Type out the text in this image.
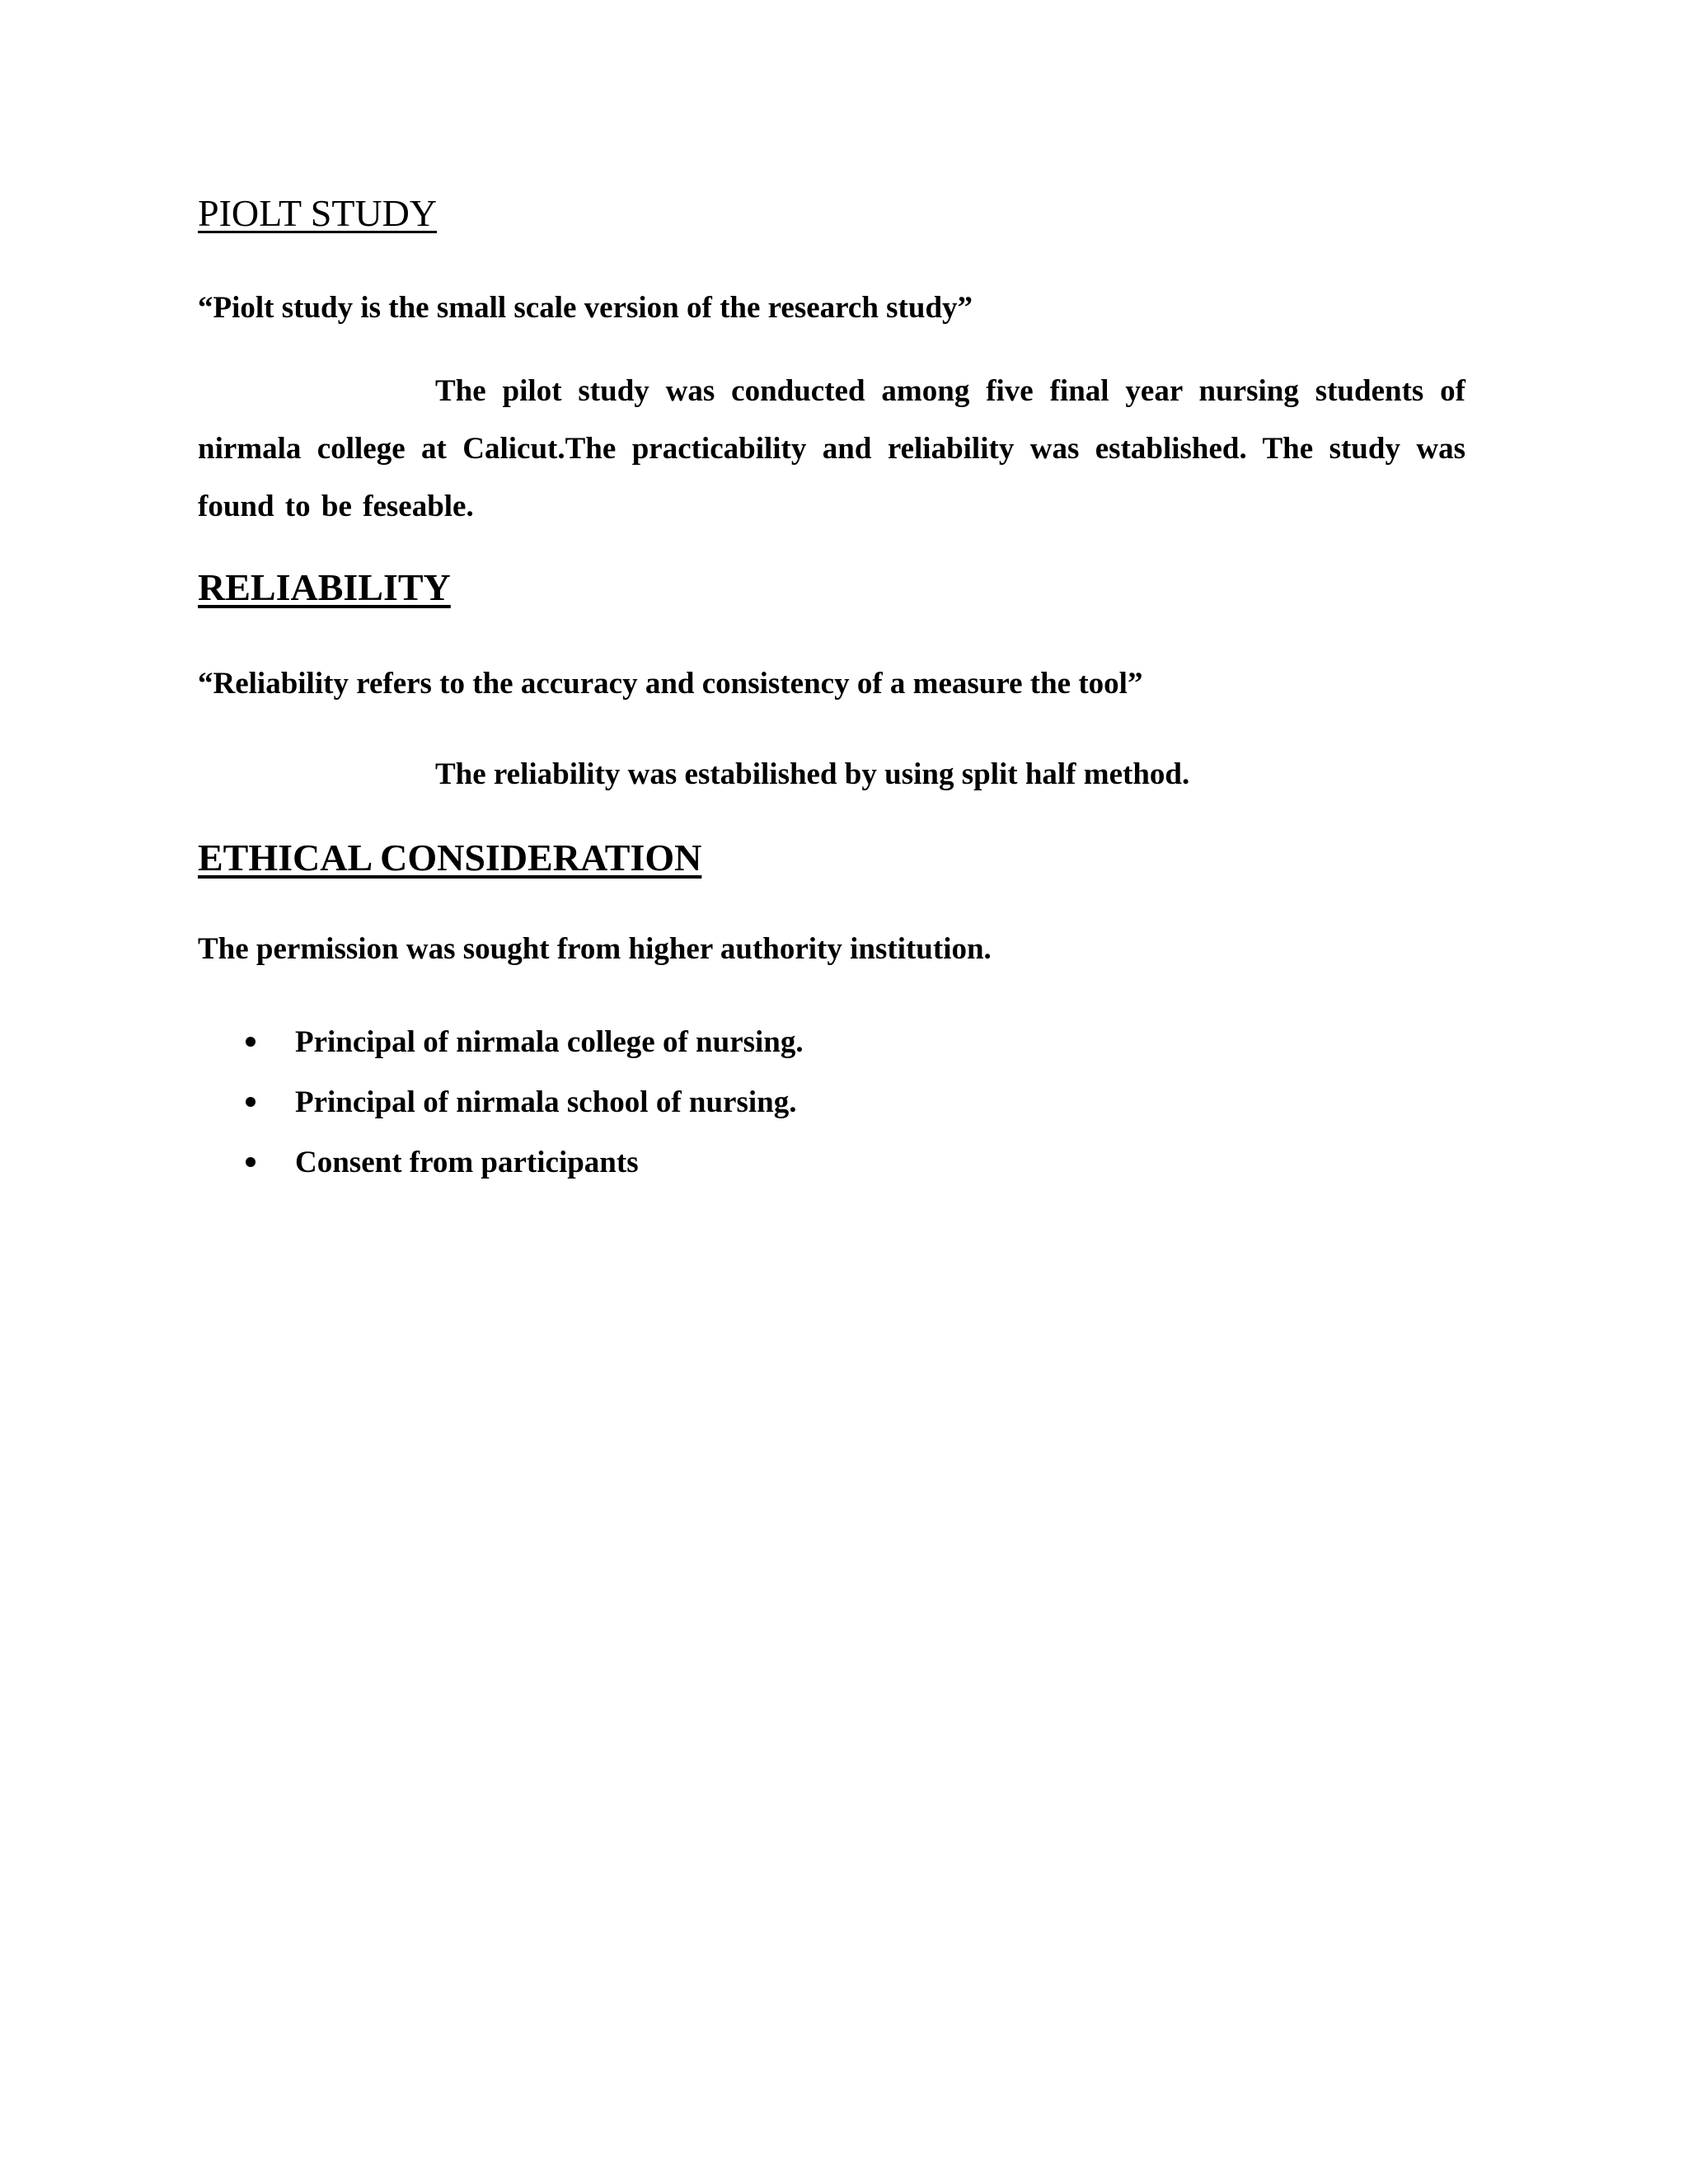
PIOLT STUDY

“Piolt study is the small scale version of the research study”

The pilot study was conducted among five final year nursing students of nirmala college at Calicut.The practicability and reliability was established. The study was found to be feseable.

RELIABILITY

“Reliability refers to the accuracy and consistency of a measure the tool”

The reliability was estabilished by using split half method.

ETHICAL CONSIDERATION

The permission was sought from higher authority institution.

Principal of nirmala college of nursing.
Principal of nirmala school of nursing.
Consent from participants
